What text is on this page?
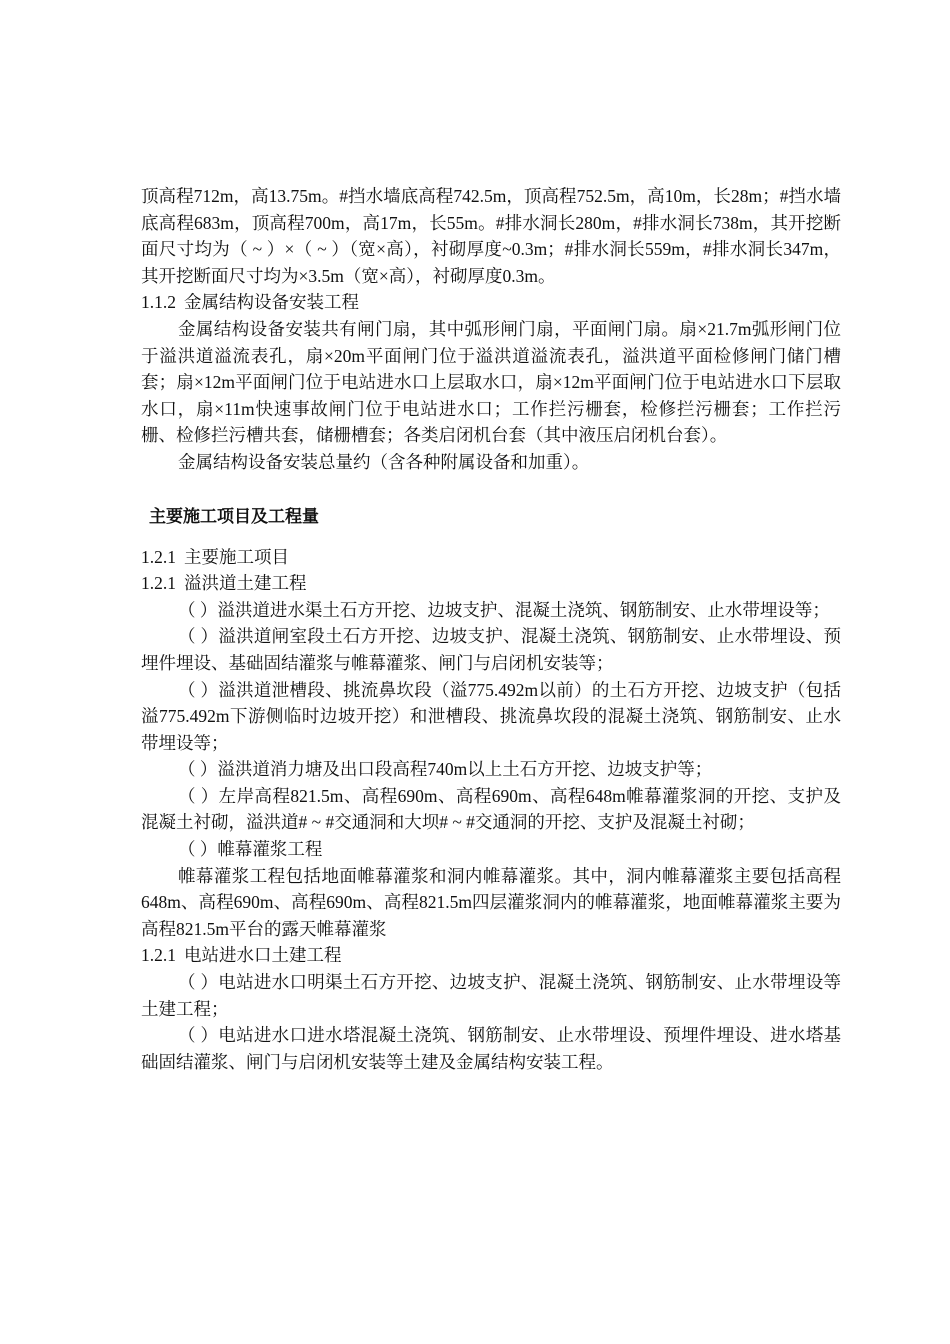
顶高程712m，高13.75m。#挡水墙底高程742.5m，顶高程752.5m，高10m，长28m；#挡水墙底高程683m，顶高程700m，高17m，长55m。#排水洞长280m，#排水洞长738m，其开挖断面尺寸均为（ ~ ）×（ ~ ）（宽×高），衬砌厚度~0.3m；#排水洞长559m，#排水洞长347m，其开挖断面尺寸均为×3.5m（宽×高），衬砌厚度0.3m。

1.1.2 金属结构设备安装工程

金属结构设备安装共有闸门扇，其中弧形闸门扇，平面闸门扇。扇×21.7m弧形闸门位于溢洪道溢流表孔，扇×20m平面闸门位于溢洪道溢流表孔，溢洪道平面检修闸门储门槽套；扇×12m平面闸门位于电站进水口上层取水口，扇×12m平面闸门位于电站进水口下层取水口，扇×11m快速事故闸门位于电站进水口；工作拦污栅套，检修拦污栅套；工作拦污栅、检修拦污槽共套，储栅槽套；各类启闭机台套（其中液压启闭机台套）。

金属结构设备安装总量约（含各种附属设备和加重）。

主要施工项目及工程量
1.2.1 主要施工项目
1.2.1 溢洪道土建工程

（ ）溢洪道进水渠土石方开挖、边坡支护、混凝土浇筑、钢筋制安、止水带埋设等；

（ ）溢洪道闸室段土石方开挖、边坡支护、混凝土浇筑、钢筋制安、止水带埋设、预埋件埋设、基础固结灌浆与帷幕灌浆、闸门与启闭机安装等；

（ ）溢洪道泄槽段、挑流鼻坎段（溢775.492m以前）的土石方开挖、边坡支护（包括溢775.492m下游侧临时边坡开挖）和泄槽段、挑流鼻坎段的混凝土浇筑、钢筋制安、止水带埋设等；

（ ）溢洪道消力塘及出口段高程740m以上土石方开挖、边坡支护等；

（ ）左岸高程821.5m、高程690m、高程690m、高程648m帷幕灌浆洞的开挖、支护及混凝土衬砌，溢洪道# ~ #交通洞和大坝# ~ #交通洞的开挖、支护及混凝土衬砌；

（ ）帷幕灌浆工程

帷幕灌浆工程包括地面帷幕灌浆和洞内帷幕灌浆。其中，洞内帷幕灌浆主要包括高程648m、高程690m、高程690m、高程821.5m四层灌浆洞内的帷幕灌浆，地面帷幕灌浆主要为高程821.5m平台的露天帷幕灌浆

1.2.1 电站进水口土建工程

（ ）电站进水口明渠土石方开挖、边坡支护、混凝土浇筑、钢筋制安、止水带埋设等土建工程；

（ ）电站进水口进水塔混凝土浇筑、钢筋制安、止水带埋设、预埋件埋设、进水塔基础固结灌浆、闸门与启闭机安装等土建及金属结构安装工程。
